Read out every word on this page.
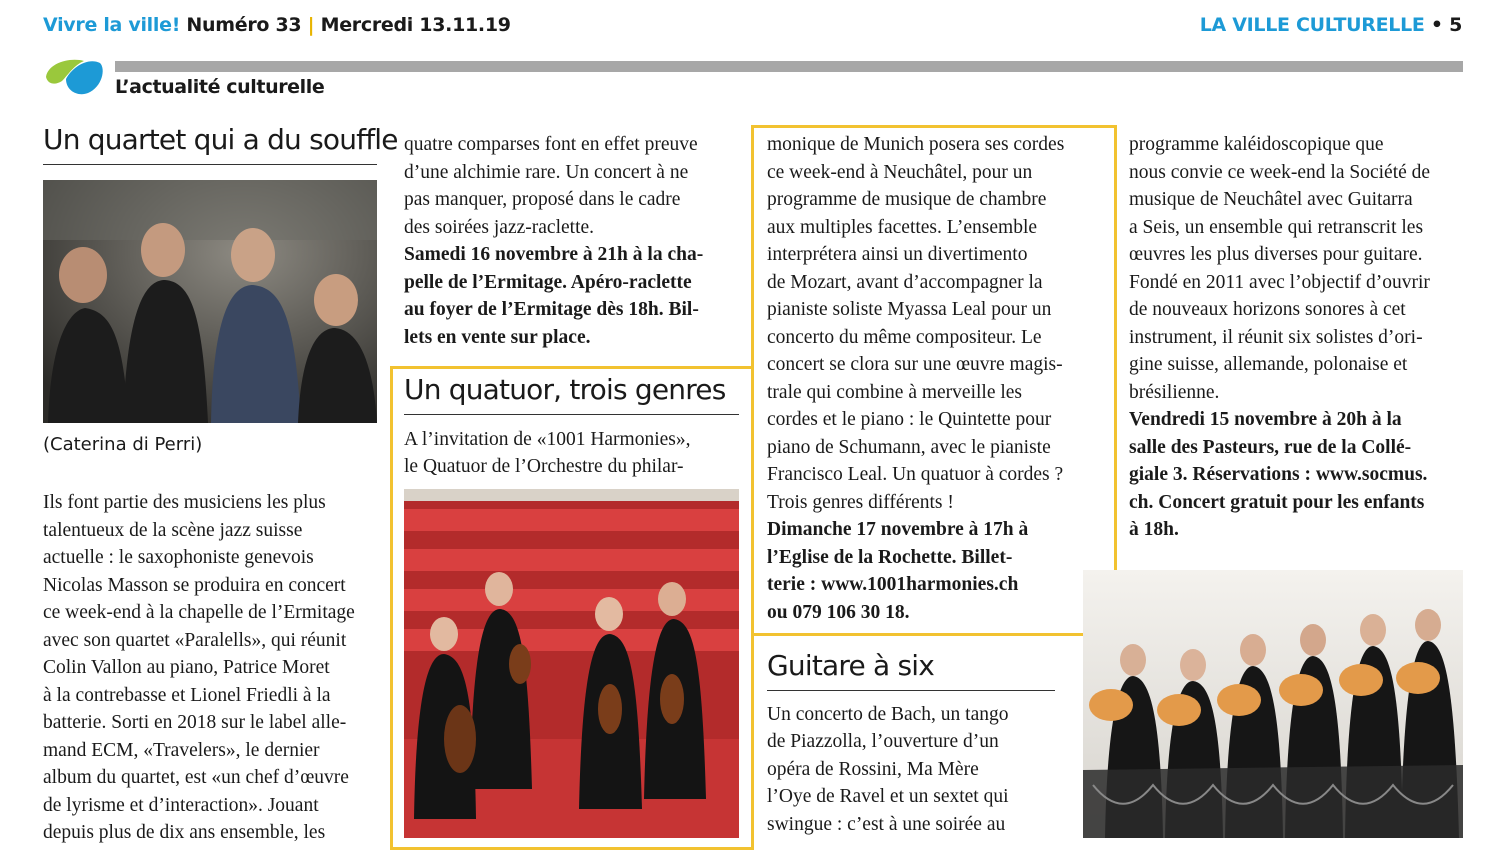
Vivre la ville! Numéro 33 | Mercredi 13.11.19	LA VILLE CULTURELLE • 5
L’actualité culturelle
Un quartet qui a du souffle
(Caterina di Perri)

Ils font partie des musiciens les plus

talentueux de la scène jazz suisse

actuelle : le saxophoniste genevois

Nicolas Masson se produira en concert

ce week-end à la chapelle de l’Ermitage

avec son quartet «Paralells», qui réunit

Colin Vallon au piano, Patrice Moret

à la contrebasse et Lionel Friedli à la

batterie. Sorti en 2018 sur le label alle-

mand ECM, «Travelers», le dernier

album du quartet, est «un chef d’œuvre

de lyrisme et d’interaction». Jouant

depuis plus de dix ans ensemble, les

quatre comparses font en effet preuve

d’une alchimie rare. Un concert à ne

pas manquer, proposé dans le cadre

des soirées jazz-raclette.

Samedi 16 novembre à 21h à la cha-

pelle de l’Ermitage. Apéro-raclette

au foyer de l’Ermitage dès 18h. Bil-

lets en vente sur place.

Un quatuor, trois genres

A l’invitation de «1001 Harmonies»,

le Quatuor de l’Orchestre du philar-

monique de Munich posera ses cordes

ce week-end à Neuchâtel, pour un

programme de musique de chambre

aux multiples facettes. L’ensemble

interprétera ainsi un divertimento

de Mozart, avant d’accompagner la

pianiste soliste Myassa Leal pour un

concerto du même compositeur. Le

concert se clora sur une œuvre magis-

trale qui combine à merveille les

cordes et le piano : le Quintette pour

piano de Schumann, avec le pianiste

Francisco Leal. Un quatuor à cordes ?

Trois genres différents !

Dimanche 17 novembre à 17h à

l’Eglise de la Rochette. Billet-

terie : www.1001harmonies.ch

ou 079 106 30 18.

Guitare à six

Un concerto de Bach, un tango

de Piazzolla, l’ouverture d’un

opéra de Rossini, Ma Mère

l’Oye de Ravel et un sextet qui

swingue : c’est à une soirée au

programme kaléidoscopique que

nous convie ce week-end la Société de

musique de Neuchâtel avec Guitarra

a Seis, un ensemble qui retranscrit les

œuvres les plus diverses pour guitare.

Fondé en 2011 avec l’objectif d’ouvrir

de nouveaux horizons sonores à cet

instrument, il réunit six solistes d’ori-

gine suisse, allemande, polonaise et

brésilienne.

Vendredi 15 novembre à 20h à la

salle des Pasteurs, rue de la Collé-

giale 3. Réservations : www.socmus.

ch. Concert gratuit pour les enfants

à 18h.
